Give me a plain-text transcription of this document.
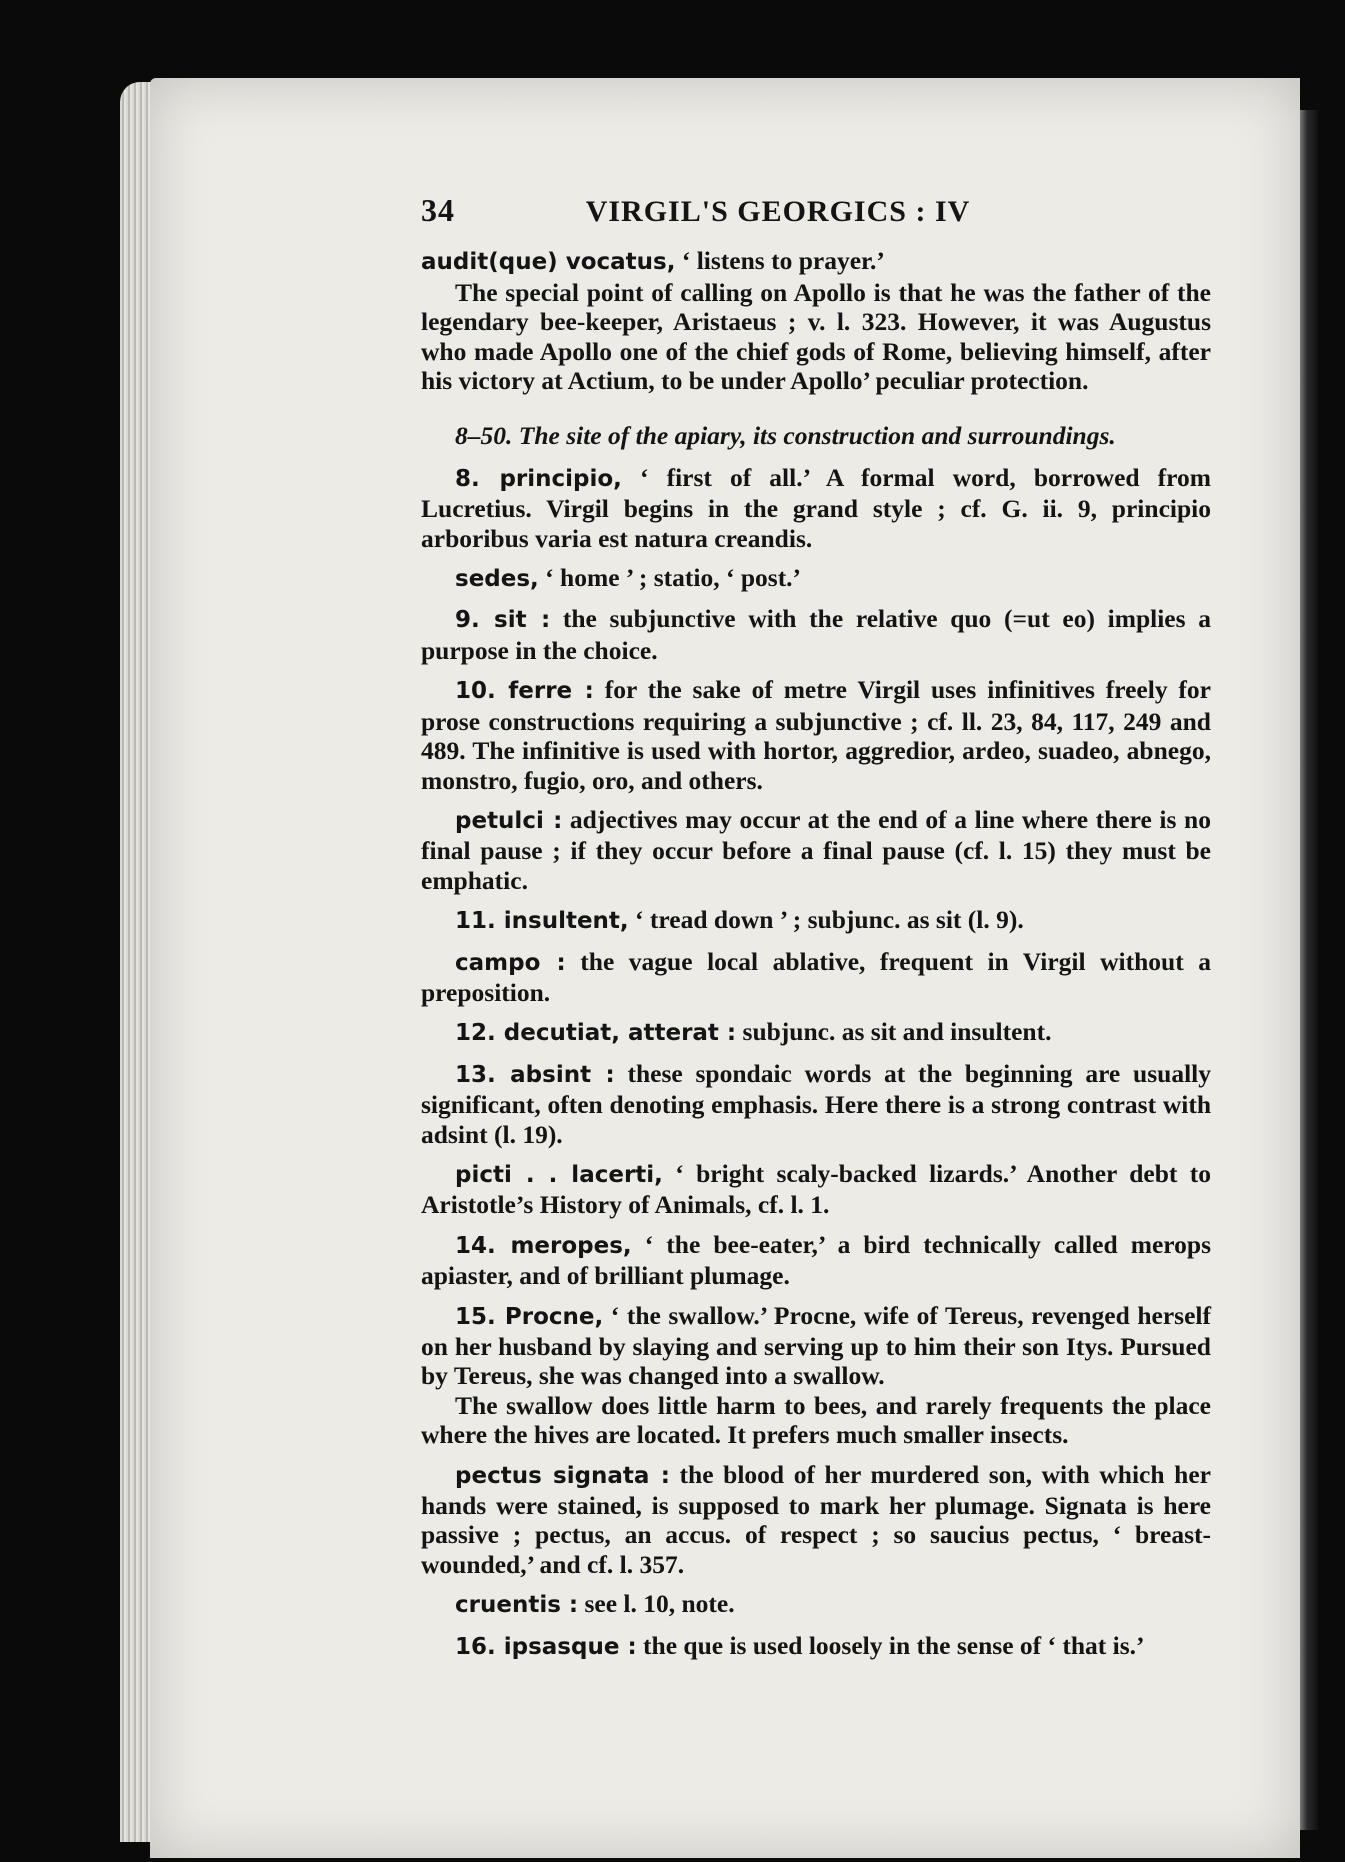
34	VIRGIL'S GEORGICS : IV

audit(que) vocatus, ‘ listens to prayer.’

The special point of calling on Apollo is that he was the father of the legendary bee-keeper, Aristaeus ; v. l. 323. However, it was Augustus who made Apollo one of the chief gods of Rome, believing himself, after his victory at Actium, to be under Apollo’ peculiar protection.

8–50. The site of the apiary, its construction and surroundings.

8. principio, ‘ first of all.’ A formal word, borrowed from Lucretius. Virgil begins in the grand style ; cf. G. ii. 9, principio arboribus varia est natura creandis.

sedes, ‘ home ’ ; statio, ‘ post.’

9. sit : the subjunctive with the relative quo (=ut eo) implies a purpose in the choice.

10. ferre : for the sake of metre Virgil uses infinitives freely for prose constructions requiring a subjunctive ; cf. ll. 23, 84, 117, 249 and 489. The infinitive is used with hortor, aggredior, ardeo, suadeo, abnego, monstro, fugio, oro, and others.

petulci : adjectives may occur at the end of a line where there is no final pause ; if they occur before a final pause (cf. l. 15) they must be emphatic.

11. insultent, ‘ tread down ’ ; subjunc. as sit (l. 9).

campo : the vague local ablative, frequent in Virgil without a preposition.

12. decutiat, atterat : subjunc. as sit and insultent.

13. absint : these spondaic words at the beginning are usually significant, often denoting emphasis. Here there is a strong contrast with adsint (l. 19).

picti . . lacerti, ‘ bright scaly-backed lizards.’ Another debt to Aristotle’s History of Animals, cf. l. 1.

14. meropes, ‘ the bee-eater,’ a bird technically called merops apiaster, and of brilliant plumage.

15. Procne, ‘ the swallow.’ Procne, wife of Tereus, revenged herself on her husband by slaying and serving up to him their son Itys. Pursued by Tereus, she was changed into a swallow.

The swallow does little harm to bees, and rarely frequents the place where the hives are located. It prefers much smaller insects.

pectus signata : the blood of her murdered son, with which her hands were stained, is supposed to mark her plumage. Signata is here passive ; pectus, an accus. of respect ; so saucius pectus, ‘ breast-wounded,’ and cf. l. 357.

cruentis : see l. 10, note.

16. ipsasque : the que is used loosely in the sense of ‘ that is.’
